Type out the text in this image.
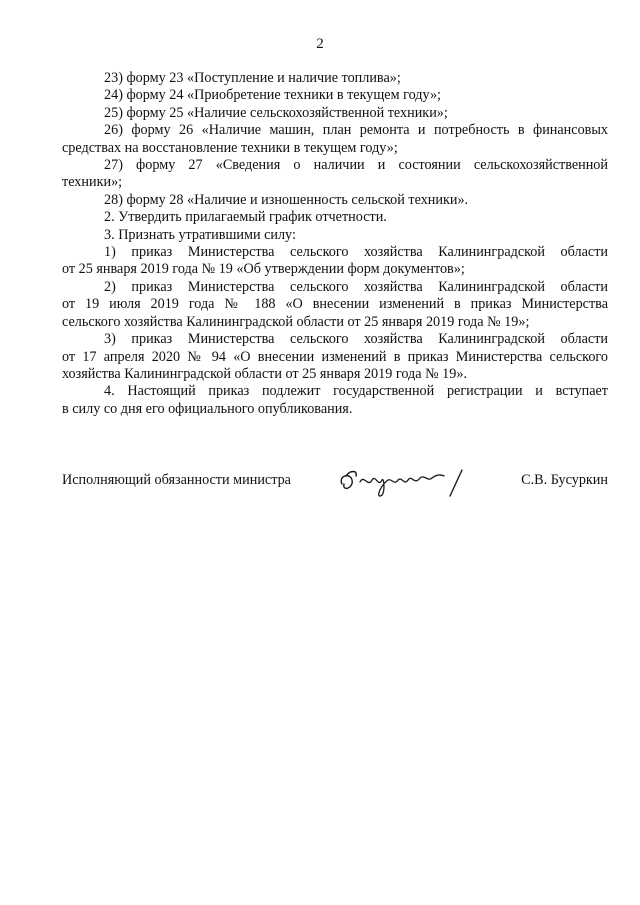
2
23) форму 23 «Поступление и наличие топлива»;
24) форму 24 «Приобретение техники в текущем году»;
25) форму 25 «Наличие сельскохозяйственной техники»;
26) форму 26 «Наличие машин, план ремонта и потребность в финансовых
средствах на восстановление техники в текущем году»;
27) форму 27 «Сведения о наличии и состоянии сельскохозяйственной
техники»;
28) форму 28 «Наличие и изношенность сельской техники».
2. Утвердить прилагаемый график отчетности.
3. Признать утратившими силу:
1) приказ Министерства сельского хозяйства Калининградской области
от 25 января 2019 года № 19 «Об утверждении форм документов»;
2) приказ Министерства сельского хозяйства Калининградской области
от 19 июля 2019 года № 188 «О внесении изменений в приказ Министерства
сельского хозяйства Калининградской области от 25 января 2019 года № 19»;
3) приказ Министерства сельского хозяйства Калининградской области
от 17 апреля 2020 № 94 «О внесении изменений в приказ Министерства сельского
хозяйства Калининградской области от 25 января 2019 года № 19».
4. Настоящий приказ подлежит государственной регистрации и вступает
в силу со дня его официального опубликования.
Исполняющий обязанности министра	С.В. Бусуркин
